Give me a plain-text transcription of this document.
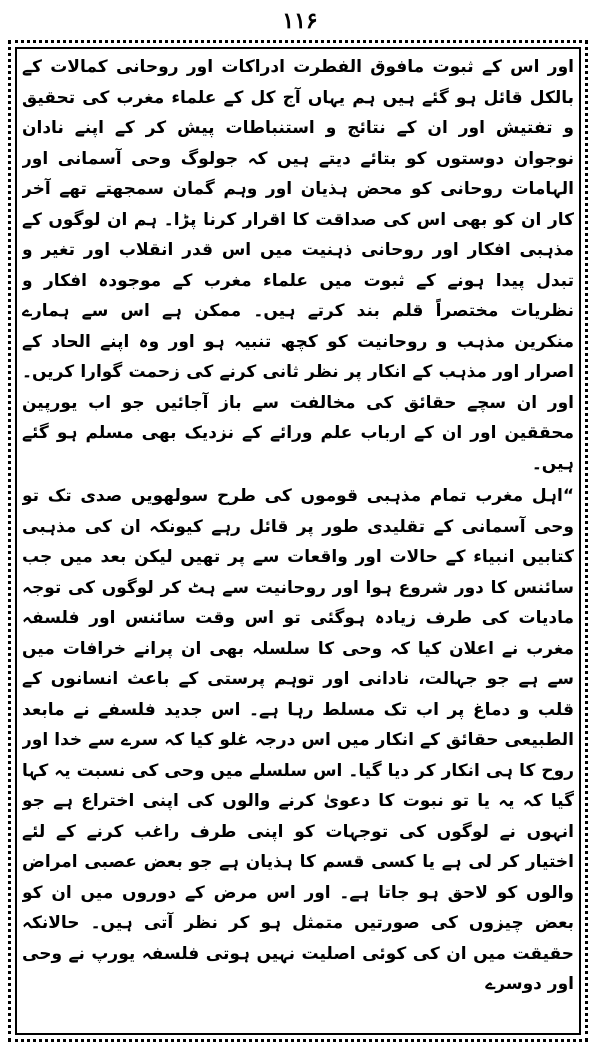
۱۱۶

اور اس کے ثبوت مافوق الفطرت ادراکات اور روحانی کمالات کے بالکل قائل ہو گئے ہیں ہم یہاں آج کل کے علماء مغرب کی تحقیق و تفتیش اور ان کے نتائج و استنباطات پیش کر کے اپنے نادان نوجوان دوستوں کو بتائے دیتے ہیں کہ جولوگ وحی آسمانی اور الہامات روحانی کو محض ہذیان اور وہم گمان سمجھتے تھے آخر کار ان کو بھی اس کی صداقت کا اقرار کرنا پڑا۔ ہم ان لوگوں کے مذہبی افکار اور روحانی ذہنیت میں اس قدر انقلاب اور تغیر و تبدل پیدا ہونے کے ثبوت میں علماء مغرب کے موجودہ افکار و نظریات مختصراً قلم بند کرتے ہیں۔ ممکن ہے اس سے ہمارے منکرین مذہب و روحانیت کو کچھ تنبیہ ہو اور وہ اپنے الحاد کے اصرار اور مذہب کے انکار پر نظر ثانی کرنے کی زحمت گوارا کریں۔ اور ان سچے حقائق کی مخالفت سے باز آجائیں جو اب یورپین محققین اور ان کے ارباب علم ورائے کے نزدیک بھی مسلم ہو گئے ہیں۔

“اہل مغرب تمام مذہبی قوموں کی طرح سولھویں صدی تک تو وحی آسمانی کے تقلیدی طور پر قائل رہے کیونکہ ان کی مذہبی کتابیں انبیاء کے حالات اور واقعات سے پر تھیں لیکن بعد میں جب سائنس کا دور شروع ہوا اور روحانیت سے ہٹ کر لوگوں کی توجہ مادیات کی طرف زیادہ ہوگئی تو اس وقت سائنس اور فلسفہ مغرب نے اعلان کیا کہ وحی کا سلسلہ بھی ان پرانے خرافات میں سے ہے جو جہالت، نادانی اور توہم پرستی کے باعث انسانوں کے قلب و دماغ پر اب تک مسلط رہا ہے۔ اس جدید فلسفے نے مابعد الطبیعی حقائق کے انکار میں اس درجہ غلو کیا کہ سرے سے خدا اور روح کا ہی انکار کر دیا گیا۔ اس سلسلے میں وحی کی نسبت یہ کہا گیا کہ یہ یا تو نبوت کا دعویٰ کرنے والوں کی اپنی اختراع ہے جو انہوں نے لوگوں کی توجہات کو اپنی طرف راغب کرنے کے لئے اختیار کر لی ہے یا کسی قسم کا ہذیان ہے جو بعض عصبی امراض والوں کو لاحق ہو جاتا ہے۔ اور اس مرض کے دوروں میں ان کو بعض چیزوں کی صورتیں متمثل ہو کر نظر آتی ہیں۔ حالانکہ حقیقت میں ان کی کوئی اصلیت نہیں ہوتی فلسفہ یورپ نے وحی اور دوسرے
